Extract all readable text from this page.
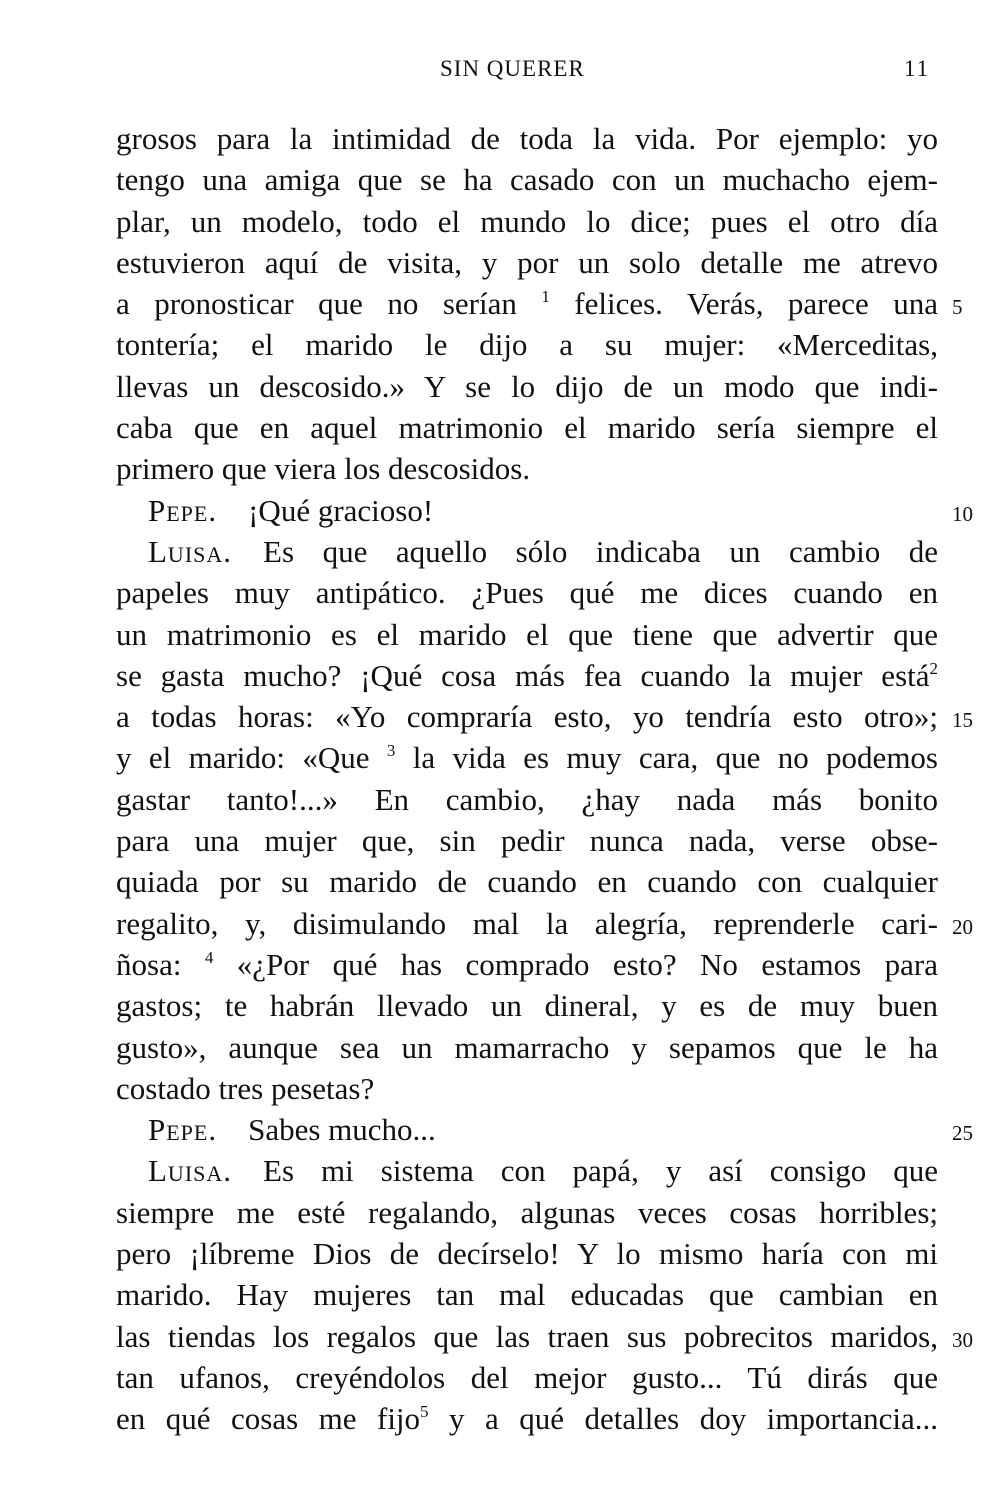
SIN QUERER	11
grosos para la intimidad de toda la vida. Por ejemplo: yo
tengo una amiga que se ha casado con un muchacho ejem-
plar, un modelo, todo el mundo lo dice; pues el otro día
estuvieron aquí de visita, y por un solo detalle me atrevo
a pronosticar que no serían $^1$ felices. Verás, parece una 5
tontería; el marido le dijo a su mujer: «Merceditas,
llevas un descosido.» Y se lo dijo de un modo que indi-
caba que en aquel matrimonio el marido sería siempre el
primero que viera los descosidos.
Pepe.  ¡Qué gracioso!	10
Luisa.  Es que aquello sólo indicaba un cambio de
papeles muy antipático. ¿Pues qué me dices cuando en
un matrimonio es el marido el que tiene que advertir que
se gasta mucho? ¡Qué cosa más fea cuando la mujer está$^2$
a todas horas: «Yo compraría esto, yo tendría esto otro»; 15
y el marido: «Que $^3$ la vida es muy cara, que no podemos
gastar tanto!...» En cambio, ¿hay nada más bonito
para una mujer que, sin pedir nunca nada, verse obse-
quiada por su marido de cuando en cuando con cualquier
regalito, y, disimulando mal la alegría, reprenderle cari- 20
ñosa: $^4$ «¿Por qué has comprado esto? No estamos para
gastos; te habrán llevado un dineral, y es de muy buen
gusto», aunque sea un mamarracho y sepamos que le ha
costado tres pesetas?
Pepe.  Sabes mucho...	25
Luisa.  Es mi sistema con papá, y así consigo que
siempre me esté regalando, algunas veces cosas horribles;
pero ¡líbreme Dios de decírselo! Y lo mismo haría con mi
marido. Hay mujeres tan mal educadas que cambian en
las tiendas los regalos que las traen sus pobrecitos maridos, 30
tan ufanos, creyéndolos del mejor gusto... Tú dirás que
en qué cosas me fijo$^5$ y a qué detalles doy importancia...
